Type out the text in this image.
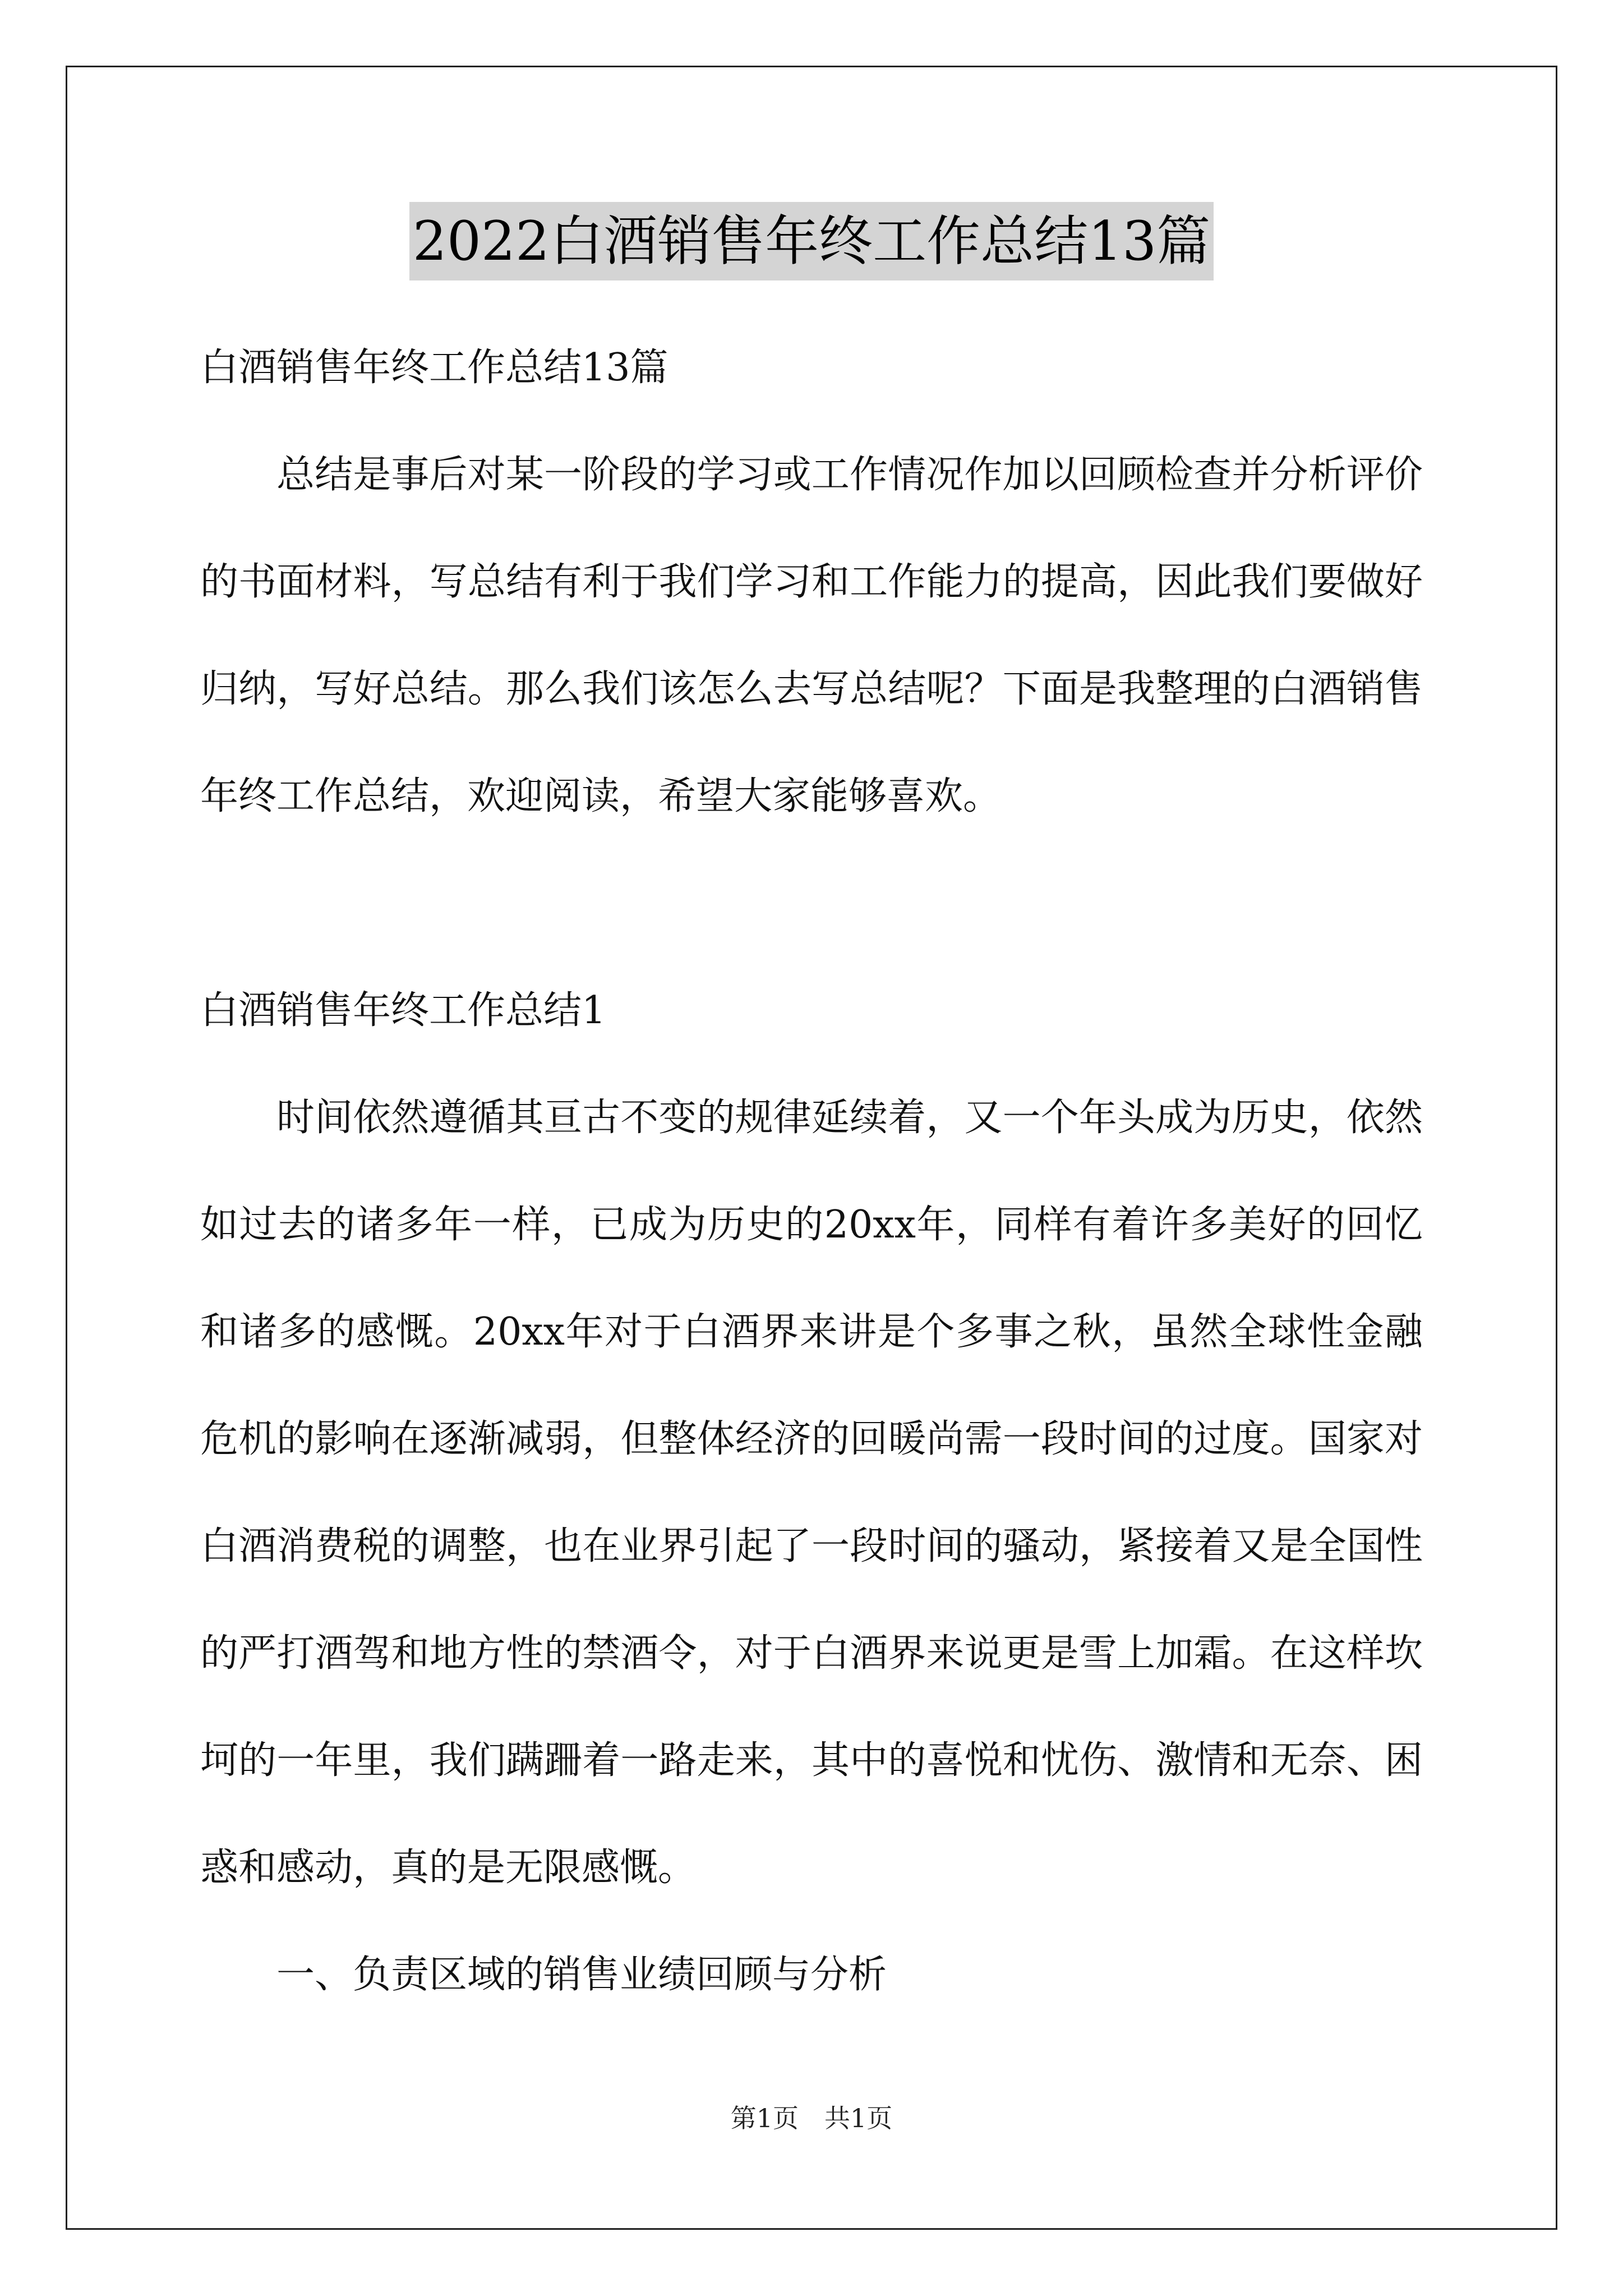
2022白酒销售年终工作总结13篇

白酒销售年终工作总结13篇

总结是事后对某一阶段的学习或工作情况作加以回顾检查并分析评价的书面材料，写总结有利于我们学习和工作能力的提高，因此我们要做好归纳，写好总结。那么我们该怎么去写总结呢？下面是我整理的白酒销售年终工作总结，欢迎阅读，希望大家能够喜欢。

白酒销售年终工作总结1

时间依然遵循其亘古不变的规律延续着，又一个年头成为历史，依然如过去的诸多年一样，已成为历史的20xx年，同样有着许多美好的回忆和诸多的感慨。20xx年对于白酒界来讲是个多事之秋，虽然全球性金融危机的影响在逐渐减弱，但整体经济的回暖尚需一段时间的过度。国家对白酒消费税的调整，也在业界引起了一段时间的骚动，紧接着又是全国性的严打酒驾和地方性的禁酒令，对于白酒界来说更是雪上加霜。在这样坎坷的一年里，我们蹒跚着一路走来，其中的喜悦和忧伤、激情和无奈、困惑和感动，真的是无限感慨。

一、负责区域的销售业绩回顾与分析

第1页 共1页
